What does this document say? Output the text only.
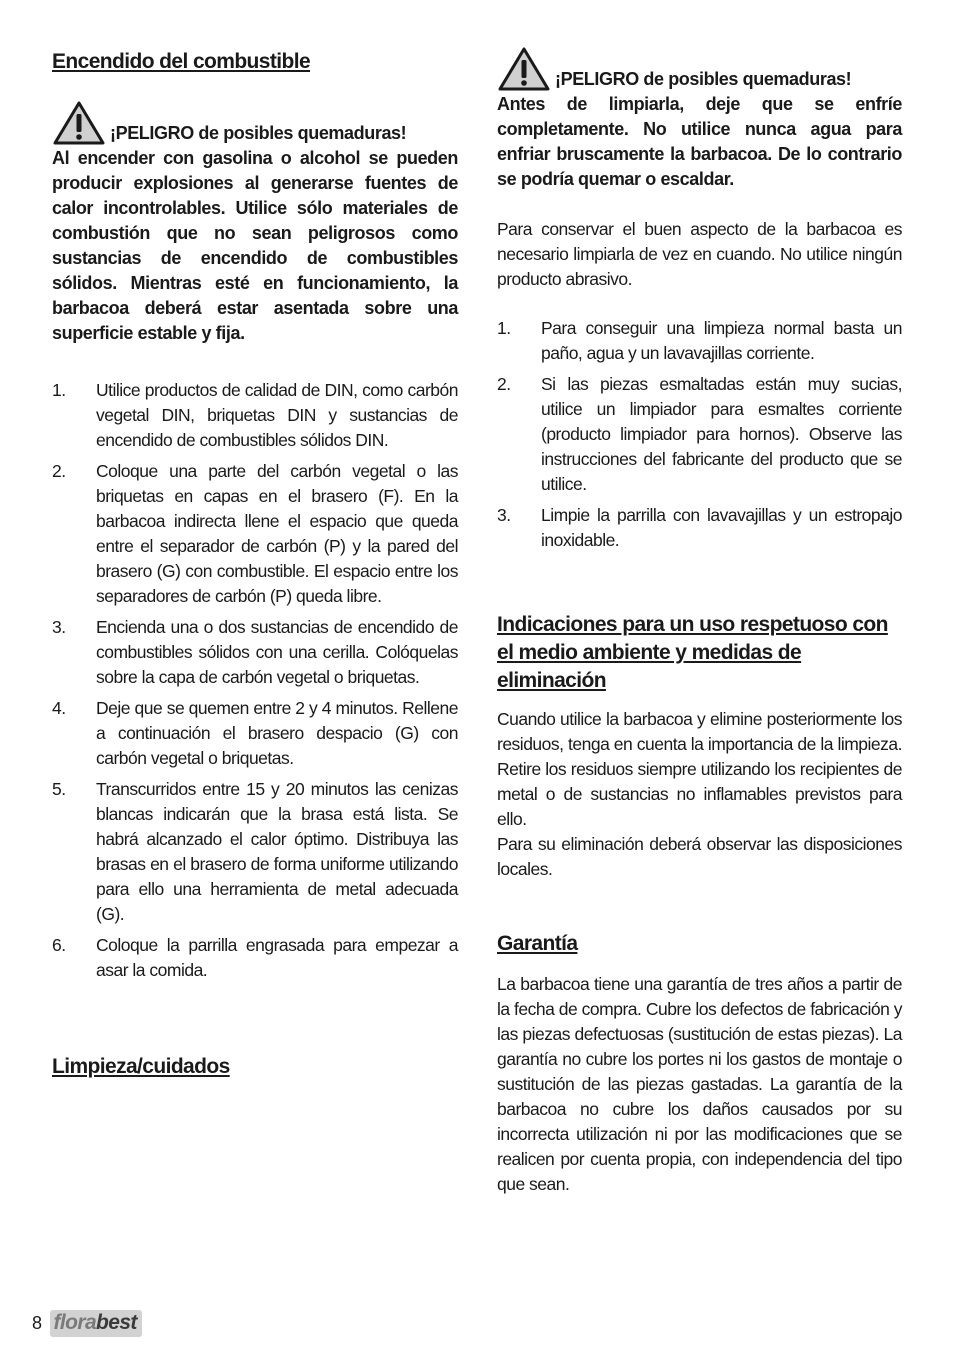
Encendido del combustible
¡PELIGRO de posibles quemaduras!

Al encender con gasolina o alcohol se pueden producir explosiones al generarse fuentes de calor incontrolables. Utilice sólo materiales de combustión que no sean peligrosos como sustancias de encendido de combustibles sólidos. Mientras esté en funcionamiento, la barbacoa deberá estar asentada sobre una superficie estable y fija.

1. Utilice productos de calidad de DIN, como carbón vegetal DIN, briquetas DIN y sustancias de encendido de combustibles sólidos DIN.
2. Coloque una parte del carbón vegetal o las briquetas en capas en el brasero (F). En la barbacoa indirecta llene el espacio que queda entre el separador de carbón (P) y la pared del brasero (G) con combustible. El espacio entre los separadores de carbón (P) queda libre.
3. Encienda una o dos sustancias de encendido de combustibles sólidos con una cerilla. Colóquelas sobre la capa de carbón vegetal o briquetas.
4. Deje que se quemen entre 2 y 4 minutos. Rellene a continuación el brasero despacio (G) con carbón vegetal o briquetas.
5. Transcurridos entre 15 y 20 minutos las cenizas blancas indicarán que la brasa está lista. Se habrá alcanzado el calor óptimo. Distribuya las brasas en el brasero de forma uniforme utilizando para ello una herramienta de metal adecuada (G).
6. Coloque la parrilla engrasada para empezar a asar la comida.
Limpieza/cuidados
¡PELIGRO de posibles quemaduras!

Antes de limpiarla, deje que se enfríe completamente. No utilice nunca agua para enfriar bruscamente la barbacoa. De lo contrario se podría quemar o escaldar.

Para conservar el buen aspecto de la barbacoa es necesario limpiarla de vez en cuando. No utilice ningún producto abrasivo.

1. Para conseguir una limpieza normal basta un paño, agua y un lavavajillas corriente.
2. Si las piezas esmaltadas están muy sucias, utilice un limpiador para esmaltes corriente (producto limpiador para hornos). Observe las instrucciones del fabricante del producto que se utilice.
3. Limpie la parrilla con lavavajillas y un estropajo inoxidable.
Indicaciones para un uso respetuoso con el medio ambiente y medidas de eliminación

Cuando utilice la barbacoa y elimine posteriormente los residuos, tenga en cuenta la importancia de la limpieza. Retire los residuos siempre utilizando los recipientes de metal o de sustancias no inflamables previstos para ello.

Para su eliminación deberá observar las disposiciones locales.

Garantía

La barbacoa tiene una garantía de tres años a partir de la fecha de compra. Cubre los defectos de fabricación y las piezas defectuosas (sustitución de estas piezas). La garantía no cubre los portes ni los gastos de montaje o sustitución de las piezas gastadas. La garantía de la barbacoa no cubre los daños causados por su incorrecta utilización ni por las modificaciones que se realicen por cuenta propia, con independencia del tipo que sean.

8 florabest
